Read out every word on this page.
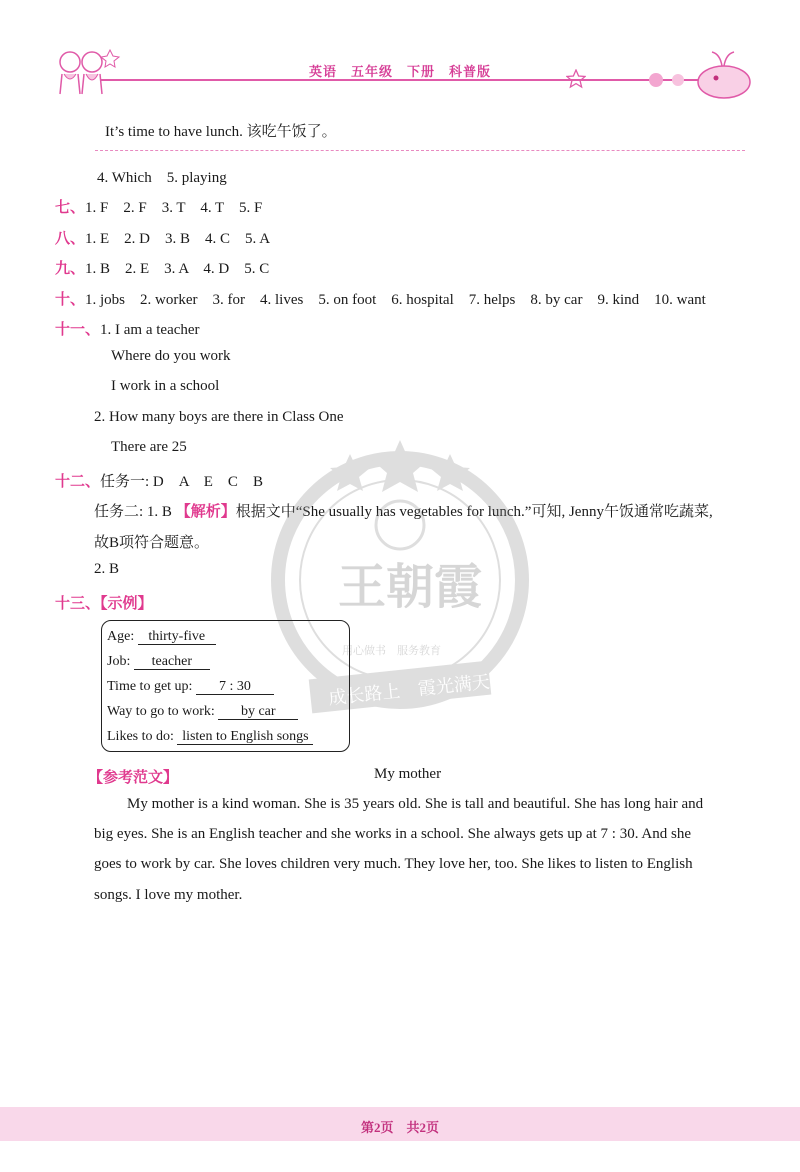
英语　五年级　下册　科普版
It’s time to have lunch. 该吃午饭了。
4. Which　5. playing
七、1. F　2. F　3. T　4. T　5. F
八、1. E　2. D　3. B　4. C　5. A
九、1. B　2. E　3. A　4. D　5. C
十、1. jobs　2. worker　3. for　4. lives　5. on foot　6. hospital　7. helps　8. by car　9. kind　10. want
十一、1. I am a teacher
Where do you work
I work in a school
2. How many boys are there in Class One
There are 25
十二、任务一: D　A　E　C　B
任务二: 1. B 【解析】根据文中“She usually has vegetables for lunch.”可知, Jenny午饭通常吃蔬菜,
故B项符合题意。
2. B
十三、【示例】	王朝霞
用心做书　服务教育
成长路上　霞光满天
Age: thirty-five
Job: teacher
Time to get up: 7 : 30
Way to go to work: by car
Likes to do: listen to English songs
【参考范文】	My mother
My mother is a kind woman. She is 35 years old. She is tall and beautiful. She has long hair and
big eyes. She is an English teacher and she works in a school. She always gets up at 7 : 30. And she
goes to work by car. She loves children very much. They love her, too. She likes to listen to English
songs. I love my mother.
第2页　共2页
